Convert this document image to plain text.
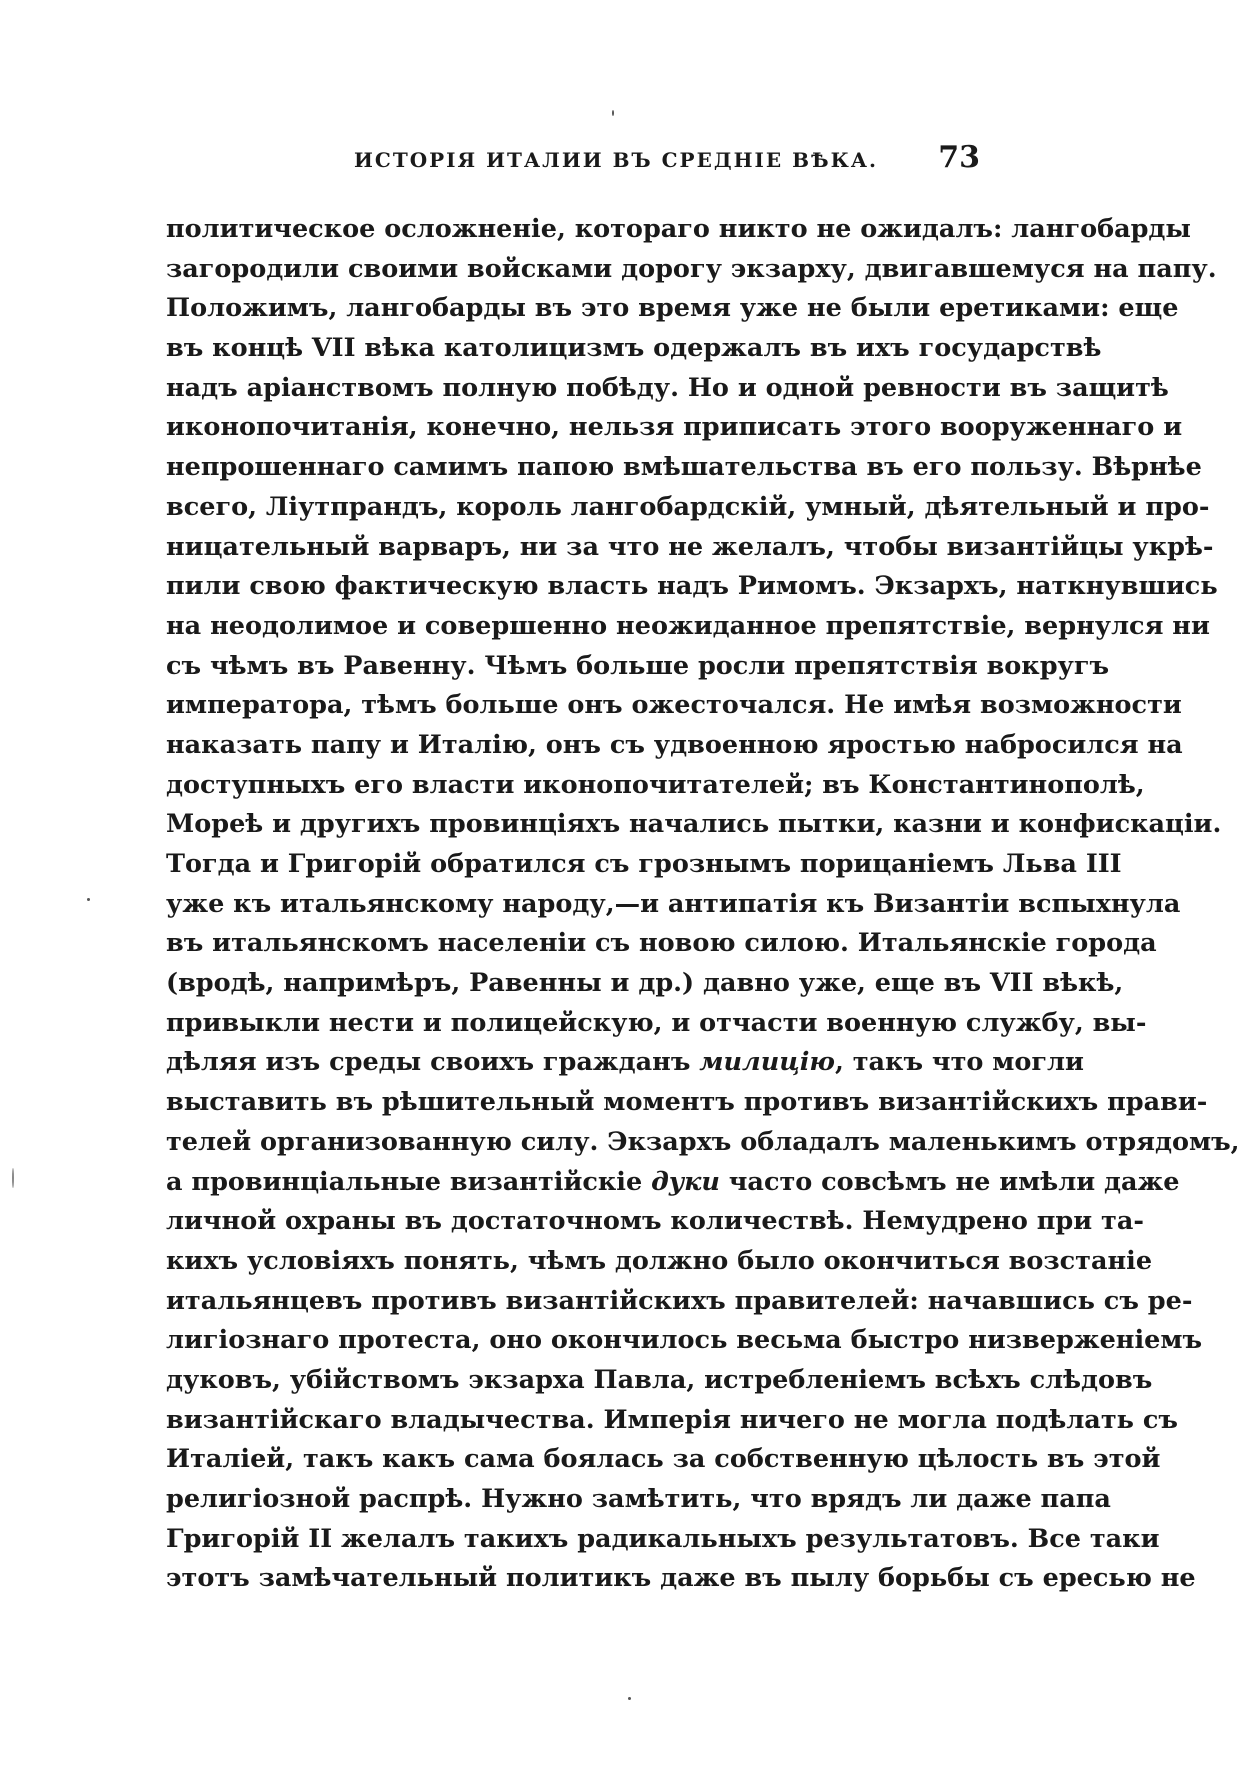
ИСТОРІЯ ИТАЛИИ ВЪ СРЕДНІЕ ВѢКА. 73
политическое осложненіе, котораго никто не ожидалъ: лангобарды
загородили своими войсками дорогу экзарху, двигавшемуся на папу.
Положимъ, лангобарды въ это время уже не были еретиками: еще
въ концѣ VII вѣка католицизмъ одержалъ въ ихъ государствѣ
надъ аріанствомъ полную побѣду. Но и одной ревности въ защитѣ
иконопочитанія, конечно, нельзя приписать этого вооруженнаго и
непрошеннаго самимъ папою вмѣшательства въ его пользу. Вѣрнѣе
всего, Ліутпрандъ, король лангобардскій, умный, дѣятельный и про-
ницательный варваръ, ни за что не желалъ, чтобы византійцы укрѣ-
пили свою фактическую власть надъ Римомъ. Экзархъ, наткнувшись
на неодолимое и совершенно неожиданное препятствіе, вернулся ни
съ чѣмъ въ Равенну. Чѣмъ больше росли препятствія вокругъ
императора, тѣмъ больше онъ ожесточался. Не имѣя возможности
наказать папу и Италію, онъ съ удвоенною яростью набросился на
доступныхъ его власти иконопочитателей; въ Константинополѣ,
Мореѣ и другихъ провинціяхъ начались пытки, казни и конфискаціи.
Тогда и Григорій обратился съ грознымъ порицаніемъ Льва III
уже къ итальянскому народу,—и антипатія къ Византіи вспыхнула
въ итальянскомъ населеніи съ новою силою. Итальянскіе города
(вродѣ, напримѣръ, Равенны и др.) давно уже, еще въ VII вѣкѣ,
привыкли нести и полицейскую, и отчасти военную службу, вы-
дѣляя изъ среды своихъ гражданъ милицію, такъ что могли
выставить въ рѣшительный моментъ противъ византійскихъ прави-
телей организованную силу. Экзархъ обладалъ маленькимъ отрядомъ,
а провинціальные византійскіе дуки часто совсѣмъ не имѣли даже
личной охраны въ достаточномъ количествѣ. Немудрено при та-
кихъ условіяхъ понять, чѣмъ должно было окончиться возстаніе
итальянцевъ противъ византійскихъ правителей: начавшись съ ре-
лигіознаго протеста, оно окончилось весьма быстро низверженіемъ
дуковъ, убійствомъ экзарха Павла, истребленіемъ всѣхъ слѣдовъ
византійскаго владычества. Имперія ничего не могла подѣлать съ
Италіей, такъ какъ сама боялась за собственную цѣлость въ этой
религіозной распрѣ. Нужно замѣтить, что врядъ ли даже папа
Григорій II желалъ такихъ радикальныхъ результатовъ. Все таки
этотъ замѣчательный политикъ даже въ пылу борьбы съ ересью не
